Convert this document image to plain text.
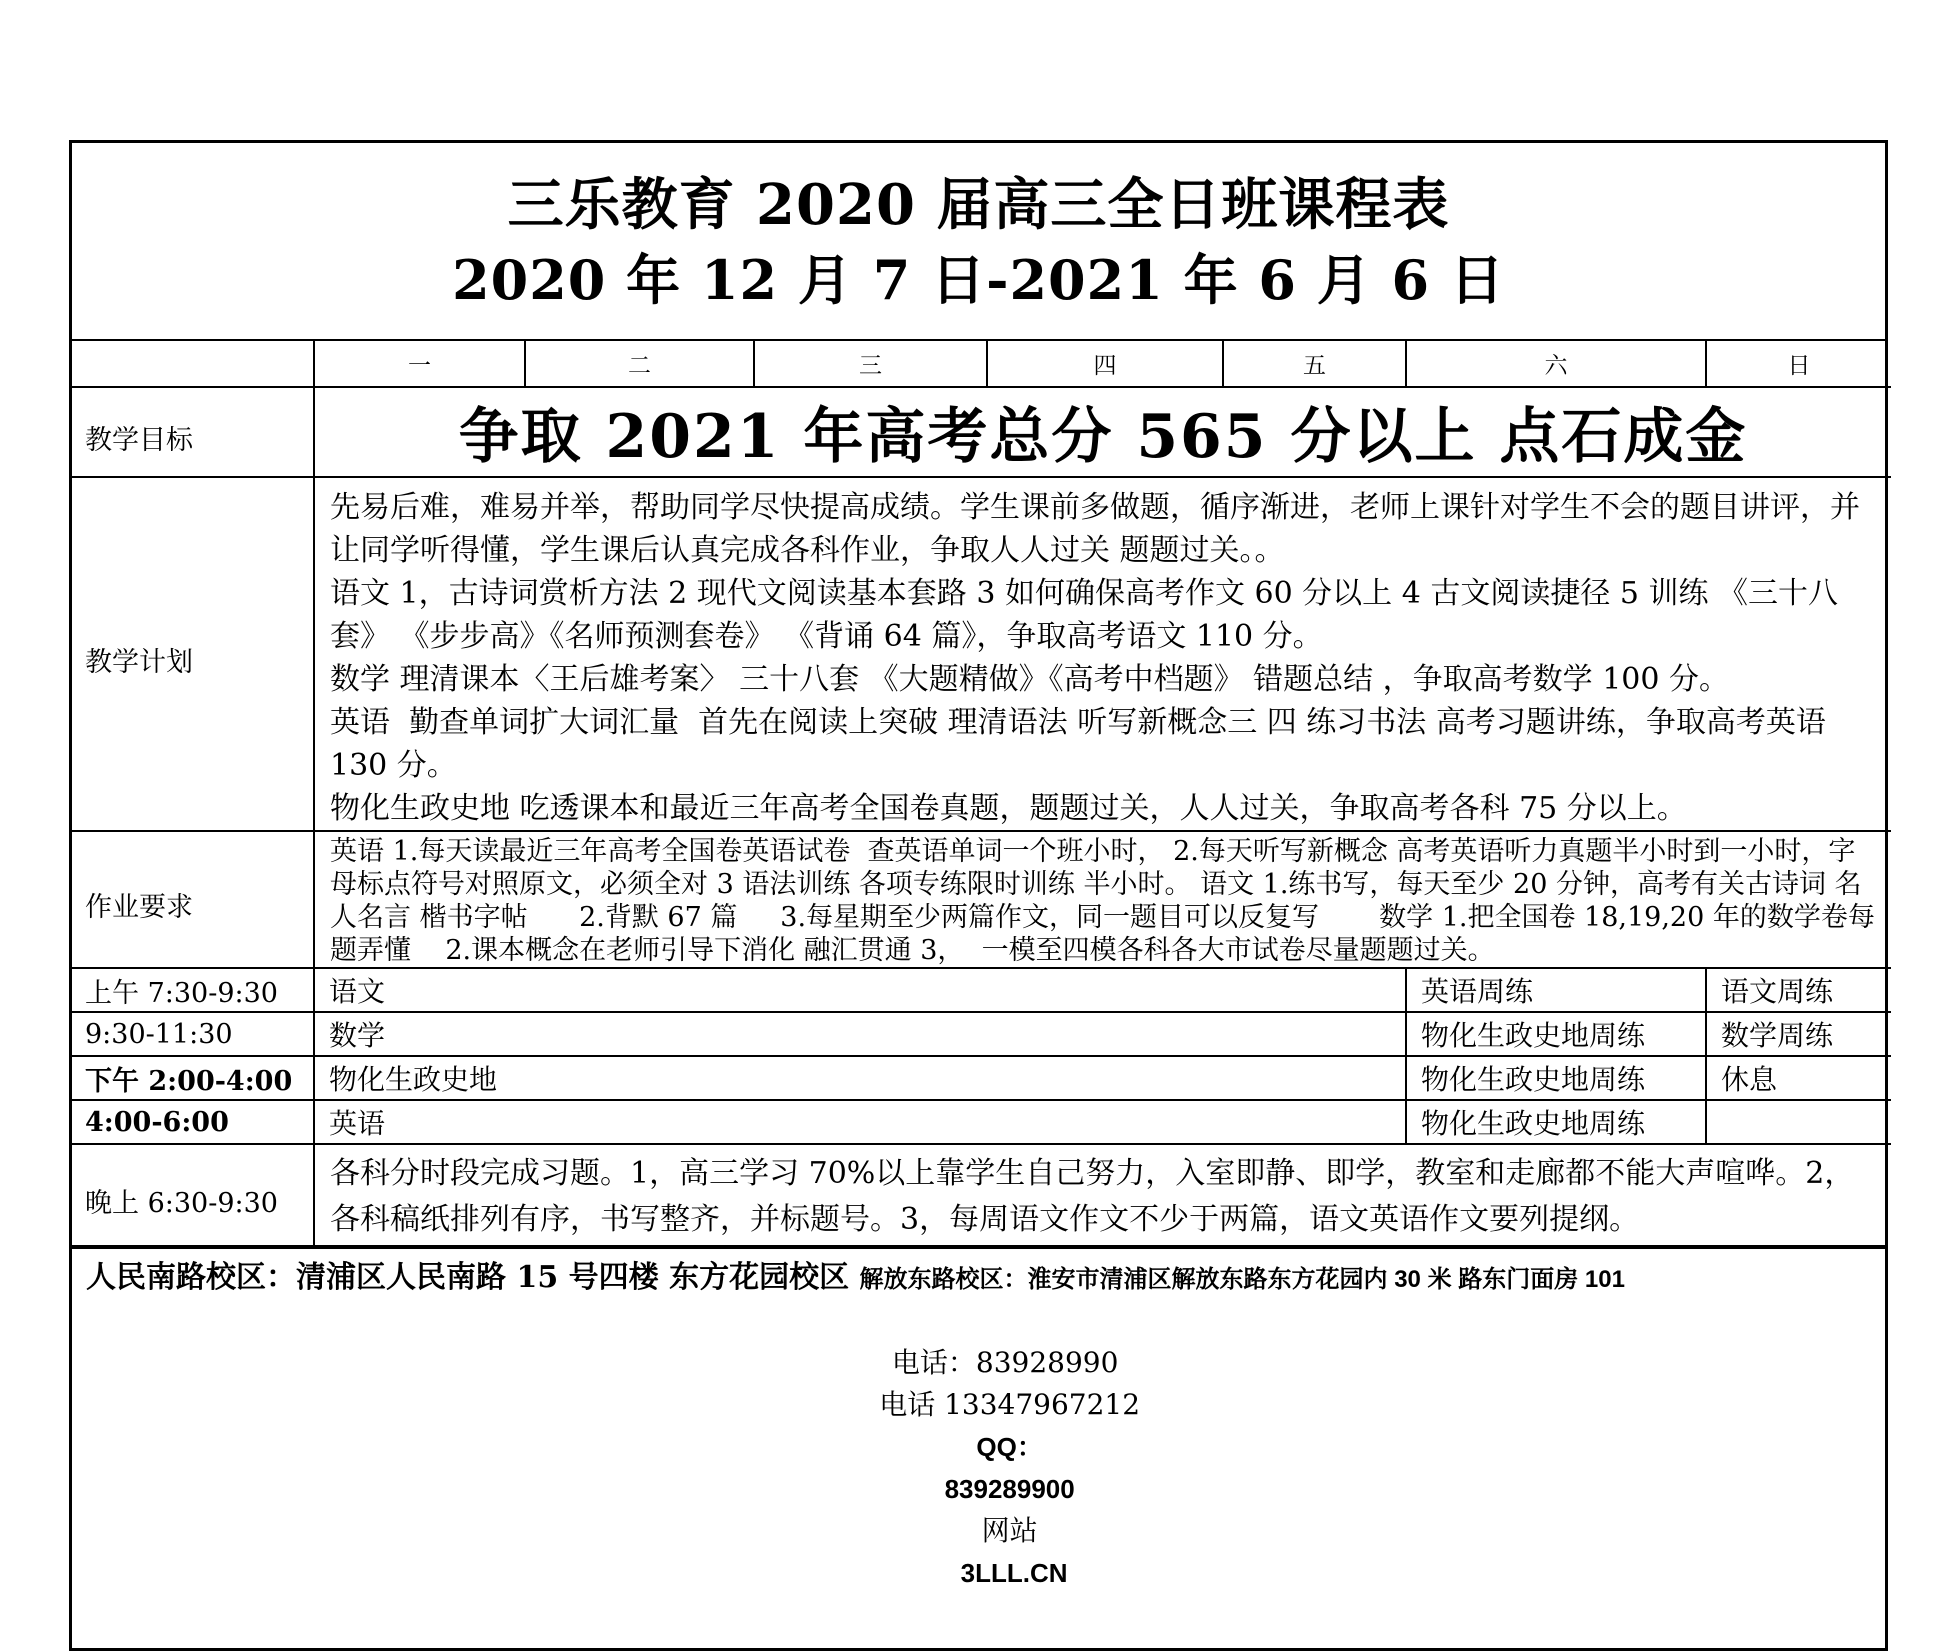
三乐教育 2020 届高三全日班课程表
2020 年 12 月 7 日-2021 年 6 月 6 日
	一	二	三	四	五	六	日
教学目标	争取 2021 年高考总分 565 分以上 点石成金						
教学计划	先易后难，难易并举，帮助同学尽快提高成绩。学生课前多做题，循序渐进，老师上课针对学生不会的题目讲评，并让同学听得懂，学生课后认真完成各科作业，争取人人过关 题题过关。。

语文 1，古诗词赏析方法 2 现代文阅读基本套路 3 如何确保高考作文 60 分以上 4 古文阅读捷径 5 训练 《三十八套》 《步步高》《名师预测套卷》 《背诵 64 篇》，争取高考语文 110 分。

数学 理清课本〈王后雄考案〉 三十八套 《大题精做》《高考中档题》 错题总结 ，争取高考数学 100 分。

英语  勤查单词扩大词汇量  首先在阅读上突破 理清语法 听写新概念三 四 练习书法 高考习题讲练，争取高考英语 130 分。

物化生政史地 吃透课本和最近三年高考全国卷真题，题题过关，人人过关，争取高考各科 75 分以上。						

作业要求	英语 1.每天读最近三年高考全国卷英语试卷  查英语单词一个班小时， 2.每天听写新概念 高考英语听力真题半小时到一小时，字母标点符号对照原文，必须全对 3 语法训练 各项专练限时训练 半小时。 语文 1.练书写，每天至少 20 分钟，高考有关古诗词 名人名言 楷书字帖      2.背默 67 篇     3.每星期至少两篇作文，同一题目可以反复写       数学 1.把全国卷 18,19,20 年的数学卷每题弄懂    2.课本概念在老师引导下消化 融汇贯通 3，  一模至四模各科各大市试卷尽量题题过关。						
上午 7:30-9:30	语文					英语周练	语文周练
9:30-11:30	数学					物化生政史地周练	数学周练
下午 2:00-4:00	物化生政史地					物化生政史地周练	休息
4:00-6:00	英语					物化生政史地周练	
晚上 6:30-9:30	各科分时段完成习题。1，高三学习 70%以上靠学生自己努力，入室即静、即学，教室和走廊都不能大声喧哗。2，各科稿纸排列有序，书写整齐，并标题号。3，每周语文作文不少于两篇，语文英语作文要列提纲。						
人民南路校区：清浦区人民南路 15 号四楼 东方花园校区 解放东路校区：淮安市清浦区解放东路东方花园内 30 米 路东门面房 101

电话：83928990
电话 13347967212
QQ：
839289900
网站
3LLL.CN
